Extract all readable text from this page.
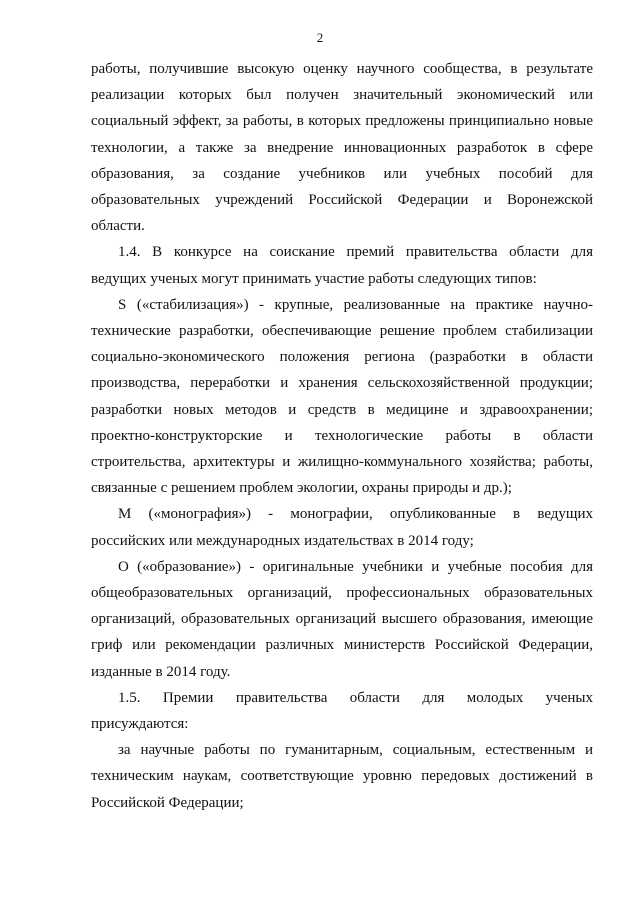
2

работы, получившие высокую оценку научного сообщества, в результате
реализации которых был получен значительный экономический или
социальный эффект, за работы, в которых предложены принципиально новые
технологии, а также за внедрение инновационных разработок в сфере
образования, за создание учебников или учебных пособий для
образовательных учреждений Российской Федерации и Воронежской
области.

1.4. В конкурсе на соискание премий правительства области для
ведущих ученых могут принимать участие работы следующих типов:

S («стабилизация») - крупные, реализованные на практике научно-
технические разработки, обеспечивающие решение проблем стабилизации
социально-экономического положения региона (разработки в области
производства, переработки и хранения сельскохозяйственной продукции;
разработки новых методов и средств в медицине и здравоохранении;
проектно-конструкторские и технологические работы в области
строительства, архитектуры и жилищно-коммунального хозяйства; работы,
связанные с решением проблем экологии, охраны природы и др.);

М («монография») - монографии, опубликованные в ведущих
российских или международных издательствах в 2014 году;

О («образование») - оригинальные учебники и учебные пособия для
общеобразовательных организаций, профессиональных образовательных
организаций, образовательных организаций высшего образования, имеющие
гриф или рекомендации различных министерств Российской Федерации,
изданные в 2014 году.

1.5. Премии правительства области для молодых ученых
присуждаются:

за научные работы по гуманитарным, социальным, естественным и
техническим наукам, соответствующие уровню передовых достижений в
Российской Федерации;
